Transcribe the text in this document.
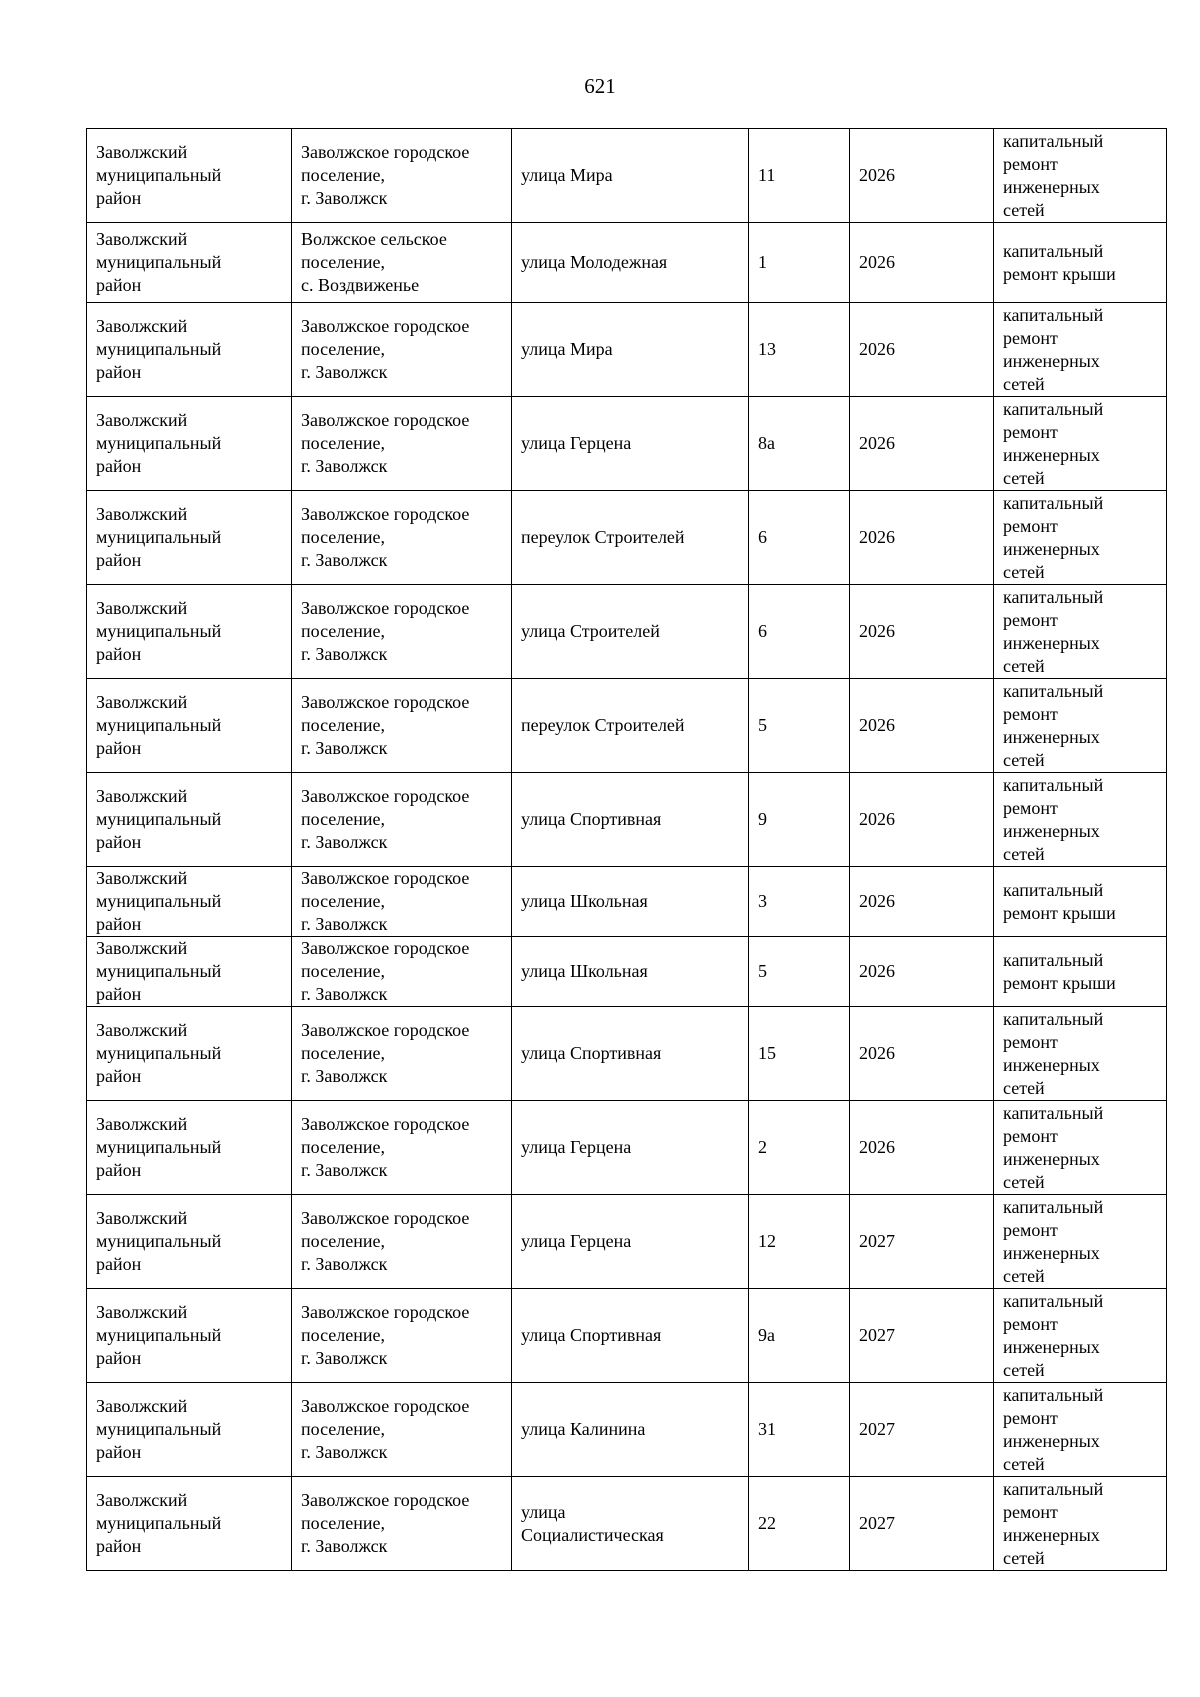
621
Заволжский
муниципальный
район	Заволжское городское
поселение,
г. Заволжск	улица Мира	11	2026	капитальный
ремонт
инженерных
сетей

Заволжский
муниципальный
район	Волжское сельское
поселение,
с. Воздвиженье	улица Молодежная	1	2026	капитальный
ремонт крыши

Заволжский
муниципальный
район	Заволжское городское
поселение,
г. Заволжск	улица Мира	13	2026	капитальный
ремонт
инженерных
сетей

Заволжский
муниципальный
район	Заволжское городское
поселение,
г. Заволжск	улица Герцена	8а	2026	капитальный
ремонт
инженерных
сетей

Заволжский
муниципальный
район	Заволжское городское
поселение,
г. Заволжск	переулок Строителей	6	2026	капитальный
ремонт
инженерных
сетей

Заволжский
муниципальный
район	Заволжское городское
поселение,
г. Заволжск	улица Строителей	6	2026	капитальный
ремонт
инженерных
сетей

Заволжский
муниципальный
район	Заволжское городское
поселение,
г. Заволжск	переулок Строителей	5	2026	капитальный
ремонт
инженерных
сетей

Заволжский
муниципальный
район	Заволжское городское
поселение,
г. Заволжск	улица Спортивная	9	2026	капитальный
ремонт
инженерных
сетей

Заволжский
муниципальный
район	Заволжское городское
поселение,
г. Заволжск	улица Школьная	3	2026	капитальный
ремонт крыши

Заволжский
муниципальный
район	Заволжское городское
поселение,
г. Заволжск	улица Школьная	5	2026	капитальный
ремонт крыши

Заволжский
муниципальный
район	Заволжское городское
поселение,
г. Заволжск	улица Спортивная	15	2026	капитальный
ремонт
инженерных
сетей

Заволжский
муниципальный
район	Заволжское городское
поселение,
г. Заволжск	улица Герцена	2	2026	капитальный
ремонт
инженерных
сетей

Заволжский
муниципальный
район	Заволжское городское
поселение,
г. Заволжск	улица Герцена	12	2027	капитальный
ремонт
инженерных
сетей

Заволжский
муниципальный
район	Заволжское городское
поселение,
г. Заволжск	улица Спортивная	9а	2027	капитальный
ремонт
инженерных
сетей

Заволжский
муниципальный
район	Заволжское городское
поселение,
г. Заволжск	улица Калинина	31	2027	капитальный
ремонт
инженерных
сетей

Заволжский
муниципальный
район	Заволжское городское
поселение,
г. Заволжск	улица
Социалистическая	22	2027	капитальный
ремонт
инженерных
сетей
